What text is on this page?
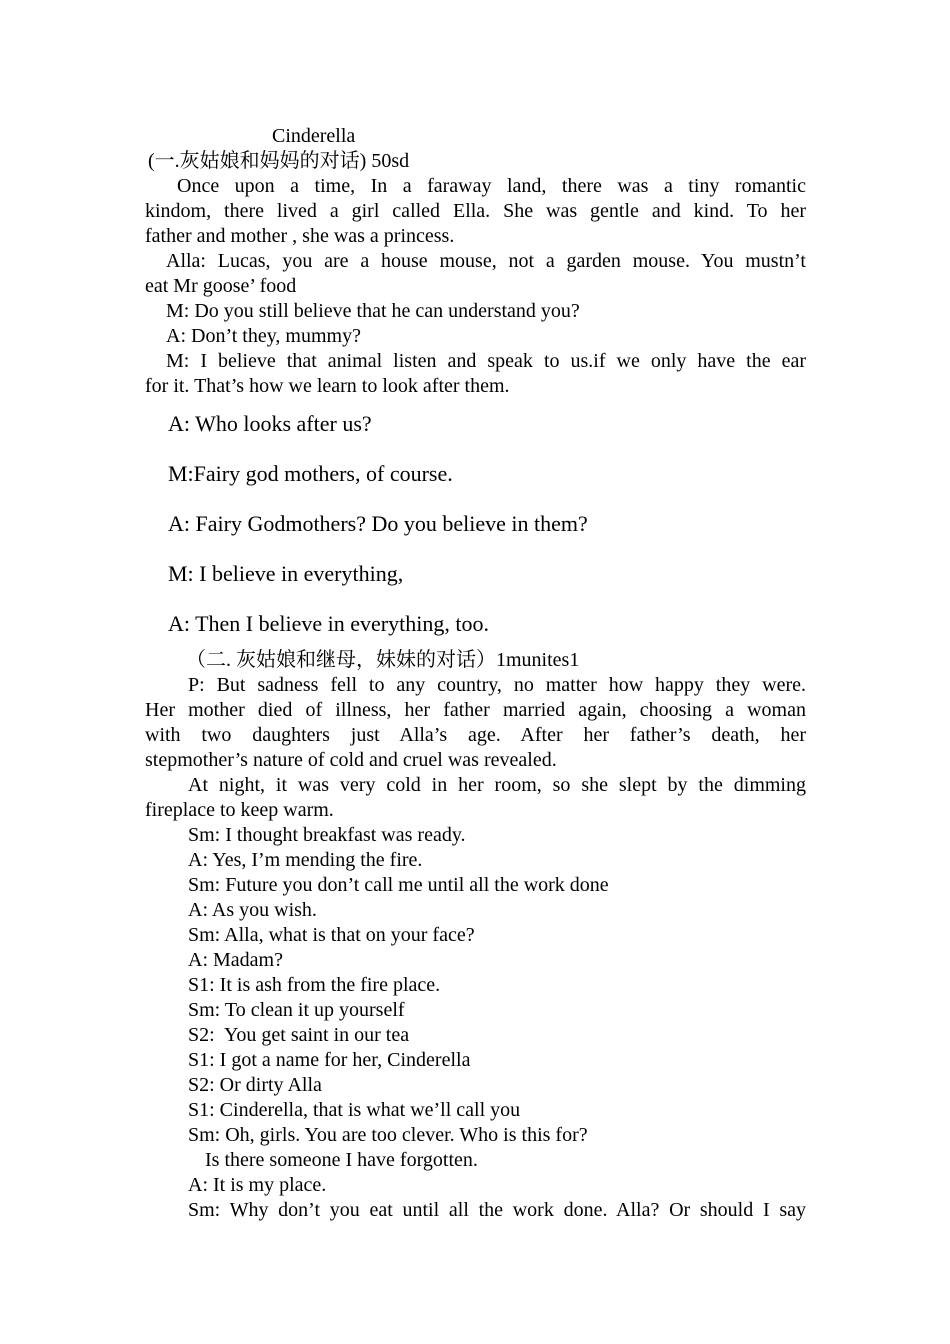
Cinderella
(一.灰姑娘和妈妈的对话) 50sd
Once upon a time, In a faraway land, there was a tiny romantic
kindom, there lived a girl called Ella. She was gentle and kind. To her
father and mother , she was a princess.
Alla: Lucas, you are a house mouse, not a garden mouse. You mustn’t
eat Mr goose’ food
M: Do you still believe that he can understand you?
A: Don’t they, mummy?
M: I believe that animal listen and speak to us.if we only have the ear
for it. That’s how we learn to look after them.
A: Who looks after us?
M:Fairy god mothers, of course.
A: Fairy Godmothers? Do you believe in them?
M: I believe in everything,
A: Then I believe in everything, too.
（二. 灰姑娘和继母，妹妹的对话）1munites1
P: But sadness fell to any country, no matter how happy they were.
Her mother died of illness, her father married again, choosing a woman
with two daughters just Alla’s age. After her father’s death, her
stepmother’s nature of cold and cruel was revealed.
At night, it was very cold in her room, so she slept by the dimming
fireplace to keep warm.
Sm: I thought breakfast was ready.
A: Yes, I’m mending the fire.
Sm: Future you don’t call me until all the work done
A: As you wish.
Sm: Alla, what is that on your face?
A: Madam?
S1: It is ash from the fire place.
Sm: To clean it up yourself
S2:  You get saint in our tea
S1: I got a name for her, Cinderella
S2: Or dirty Alla
S1: Cinderella, that is what we’ll call you
Sm: Oh, girls. You are too clever. Who is this for?
Is there someone I have forgotten.
A: It is my place.
Sm: Why don’t you eat until all the work done. Alla? Or should I say
